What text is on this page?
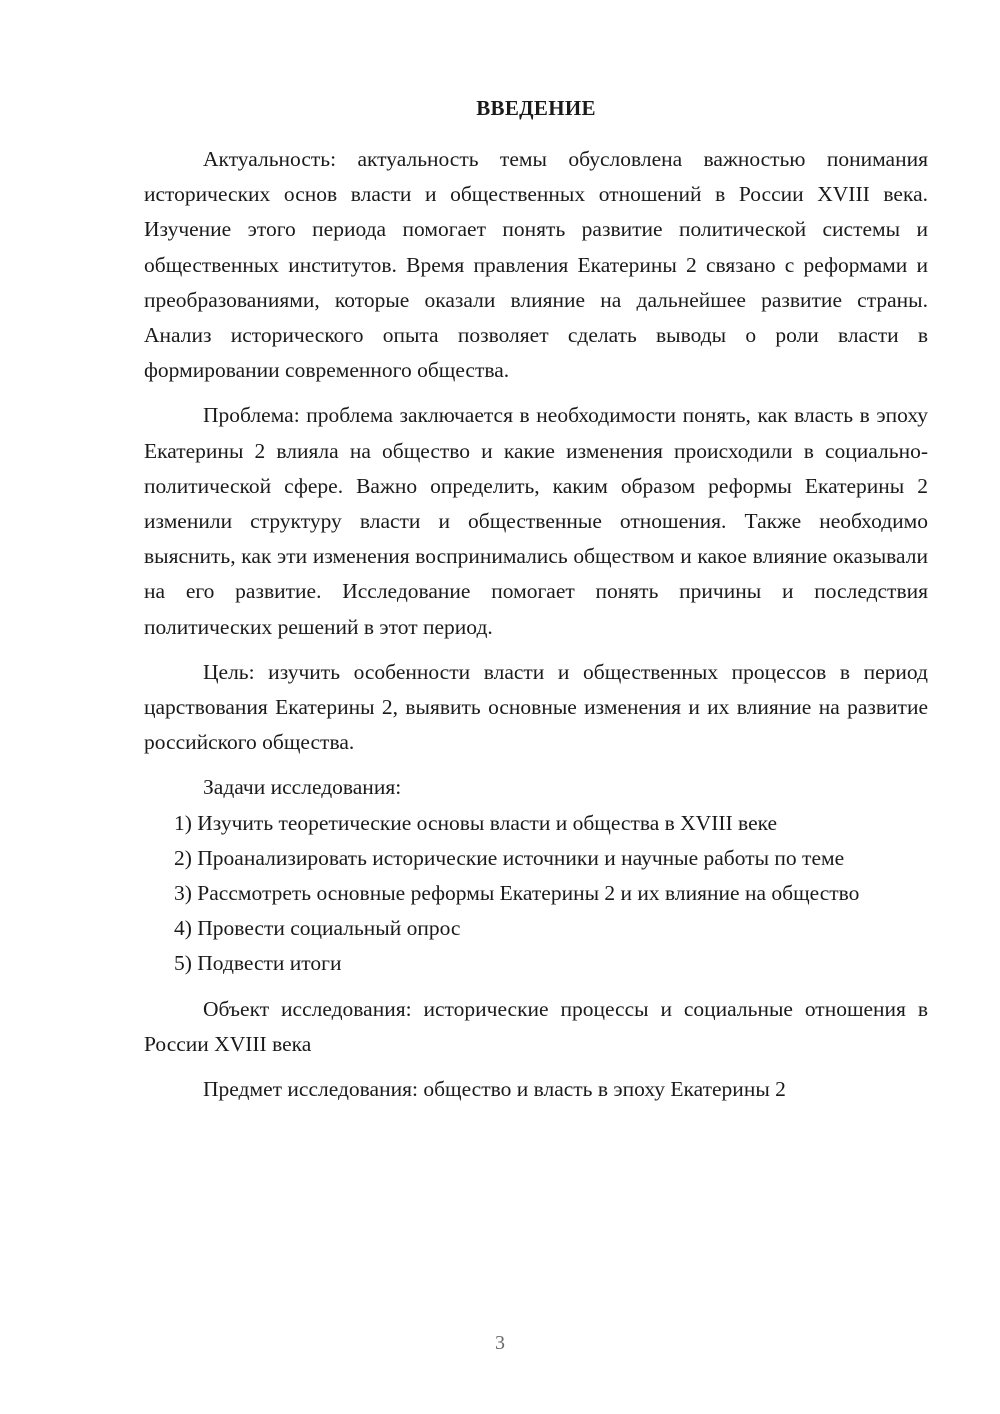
ВВЕДЕНИЕ

Актуальность: актуальность темы обусловлена важностью понимания исторических основ власти и общественных отношений в России XVIII века. Изучение этого периода помогает понять развитие политической системы и общественных институтов. Время правления Екатерины 2 связано с реформами и преобразованиями, которые оказали влияние на дальнейшее развитие страны. Анализ исторического опыта позволяет сделать выводы о роли власти в формировании современного общества.

Проблема: проблема заключается в необходимости понять, как власть в эпоху Екатерины 2 влияла на общество и какие изменения происходили в социально-политической сфере. Важно определить, каким образом реформы Екатерины 2 изменили структуру власти и общественные отношения. Также необходимо выяснить, как эти изменения воспринимались обществом и какое влияние оказывали на его развитие. Исследование помогает понять причины и последствия политических решений в этот период.

Цель: изучить особенности власти и общественных процессов в период царствования Екатерины 2, выявить основные изменения и их влияние на развитие российского общества.

Задачи исследования:

1) Изучить теоретические основы власти и общества в XVIII веке

2) Проанализировать исторические источники и научные работы по теме

3) Рассмотреть основные реформы Екатерины 2 и их влияние на общество

4) Провести социальный опрос

5) Подвести итоги

Объект исследования: исторические процессы и социальные отношения в России XVIII века

Предмет исследования: общество и власть в эпоху Екатерины 2

3
